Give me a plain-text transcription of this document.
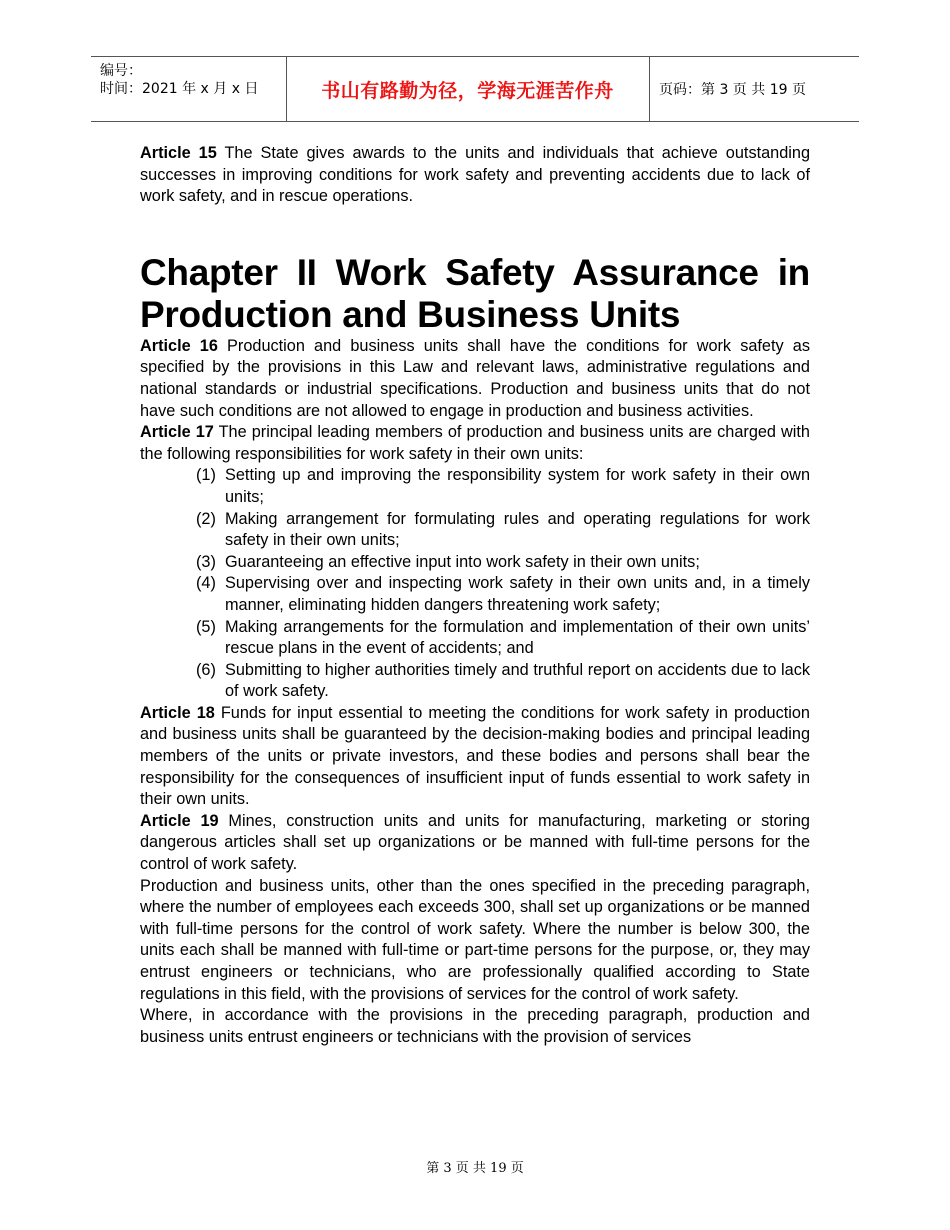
编号：
时间：2021 年 x 月 x 日	书山有路勤为径，学海无涯苦作舟	页码：第 3 页 共 19 页

Article 15 The State gives awards to the units and individuals that achieve outstanding successes in improving conditions for work safety and preventing accidents due to lack of work safety, and in rescue operations.

Chapter II Work Safety Assurance in Production and Business Units

Article 16 Production and business units shall have the conditions for work safety as specified by the provisions in this Law and relevant laws, administrative regulations and national standards or industrial specifications. Production and business units that do not have such conditions are not allowed to engage in production and business activities.

Article 17 The principal leading members of production and business units are charged with the following responsibilities for work safety in their own units:

(1) Setting up and improving the responsibility system for work safety in their own units;
(2) Making arrangement for formulating rules and operating regulations for work safety in their own units;
(3) Guaranteeing an effective input into work safety in their own units;
(4) Supervising over and inspecting work safety in their own units and, in a timely manner, eliminating hidden dangers threatening work safety;
(5) Making arrangements for the formulation and implementation of their own units’   rescue plans in the event of accidents; and
(6) Submitting to higher authorities timely and truthful report on accidents due to lack of work safety.

Article 18 Funds for input essential to meeting the conditions for work safety in production and business units shall be guaranteed by the decision-making bodies and principal leading members of the units or private investors, and these bodies and persons shall bear the responsibility for the consequences of insufficient input of funds essential to work safety in their own units.

Article 19 Mines, construction units and units for manufacturing, marketing or storing dangerous articles shall set up organizations or be manned with full-time persons for the control of work safety.

Production and business units, other than the ones specified in the preceding paragraph, where the number of employees each exceeds 300, shall set up organizations or be manned with full-time persons for the control of work safety. Where the number is below 300, the units each shall be manned with full-time or part-time persons for the purpose, or, they may entrust engineers or technicians, who are professionally qualified according to State regulations in this field, with the provisions of services for the control of work safety.

Where, in accordance with the provisions in the preceding paragraph, production and business units entrust engineers or technicians with the provision of services

第 3 页 共 19 页
